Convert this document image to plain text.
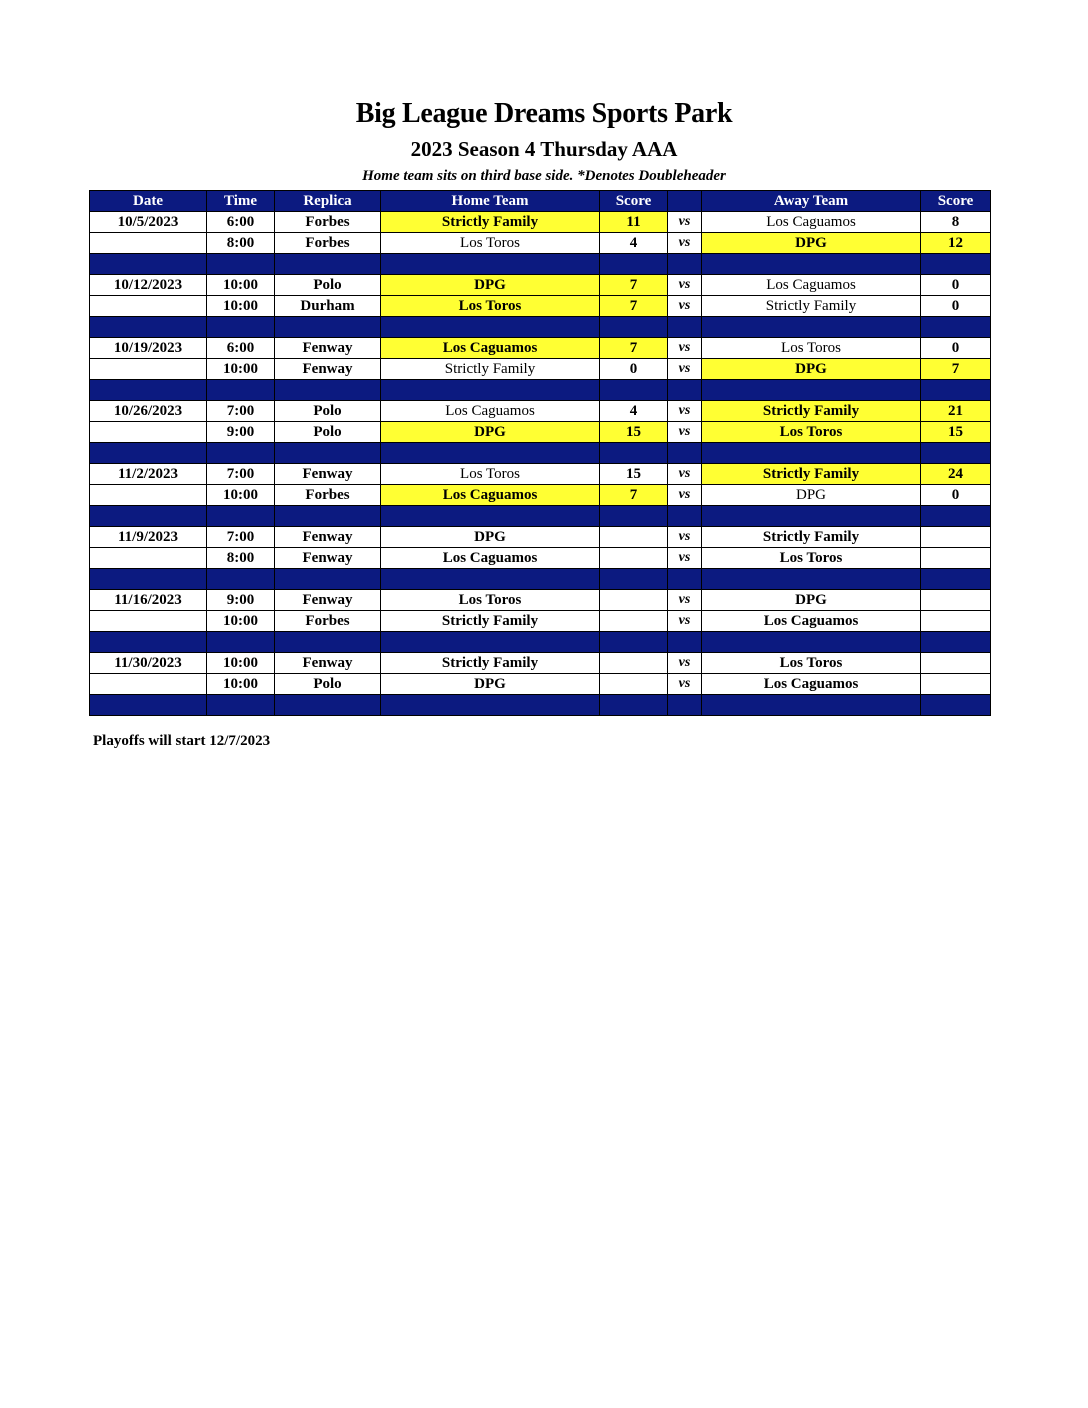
Big League Dreams Sports Park
2023 Season 4 Thursday AAA
Home team sits on third base side. *Denotes Doubleheader
Date	Time	Replica	Home Team	Score		Away Team	Score
10/5/2023	6:00	Forbes	Strictly Family	11	vs	Los Caguamos	8
	8:00	Forbes	Los Toros	4	vs	DPG	12

10/12/2023	10:00	Polo	DPG	7	vs	Los Caguamos	0
	10:00	Durham	Los Toros	7	vs	Strictly Family	0

10/19/2023	6:00	Fenway	Los Caguamos	7	vs	Los Toros	0
	10:00	Fenway	Strictly Family	0	vs	DPG	7

10/26/2023	7:00	Polo	Los Caguamos	4	vs	Strictly Family	21
	9:00	Polo	DPG	15	vs	Los Toros	15

11/2/2023	7:00	Fenway	Los Toros	15	vs	Strictly Family	24
	10:00	Forbes	Los Caguamos	7	vs	DPG	0

11/9/2023	7:00	Fenway	DPG		vs	Strictly Family	
	8:00	Fenway	Los Caguamos		vs	Los Toros	

11/16/2023	9:00	Fenway	Los Toros		vs	DPG	
	10:00	Forbes	Strictly Family		vs	Los Caguamos	

11/30/2023	10:00	Fenway	Strictly Family		vs	Los Toros	
	10:00	Polo	DPG		vs	Los Caguamos	

Playoffs will start 12/7/2023
